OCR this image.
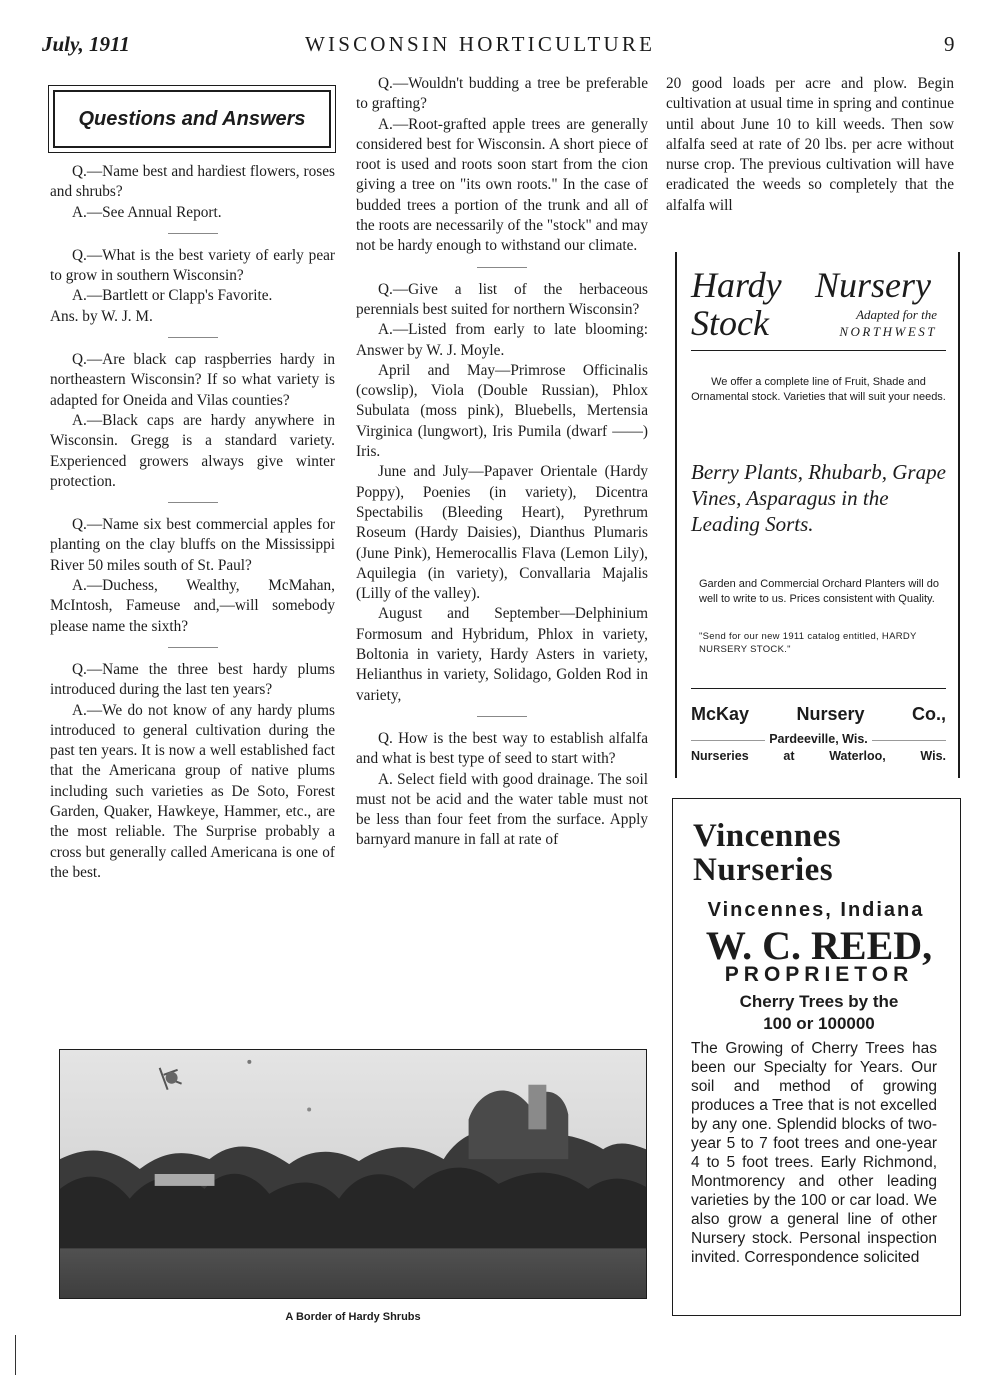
July, 1911	WISCONSIN HORTICULTURE	9
Questions and Answers

Q.—Name best and hardiest flowers, roses and shrubs?

A.—See Annual Report.

Q.—What is the best variety of early pear to grow in southern Wisconsin?

A.—Bartlett or Clapp's Favorite.

Ans. by W. J. M.

Q.—Are black cap raspberries hardy in northeastern Wisconsin? If so what variety is adapted for Oneida and Vilas counties?

A.—Black caps are hardy anywhere in Wisconsin. Gregg is a standard variety. Experienced growers always give winter protection.

Q.—Name six best commercial apples for planting on the clay bluffs on the Mississippi River 50 miles south of St. Paul?

A.—Duchess, Wealthy, McMahan, McIntosh, Fameuse and,—will somebody please name the sixth?

Q.—Name the three best hardy plums introduced during the last ten years?

A.—We do not know of any hardy plums introduced to general cultivation during the past ten years. It is now a well established fact that the Americana group of native plums including such varieties as De Soto, Forest Garden, Quaker, Hawkeye, Hammer, etc., are the most reliable. The Surprise probably a cross but generally called Americana is one of the best.

Q.—Wouldn't budding a tree be preferable to grafting?

A.—Root-grafted apple trees are generally considered best for Wisconsin. A short piece of root is used and roots soon start from the cion giving a tree on "its own roots." In the case of budded trees a portion of the trunk and all of the roots are necessarily of the "stock" and may not be hardy enough to withstand our climate.

Q.—Give a list of the herbaceous perennials best suited for northern Wisconsin?

A.—Listed from early to late blooming: Answer by W. J. Moyle.

April and May—Primrose Officinalis (cowslip), Viola (Double Russian), Phlox Subulata (moss pink), Bluebells, Mertensia Virginica (lungwort), Iris Pumila (dwarf ——) Iris.

June and July—Papaver Orientale (Hardy Poppy), Poenies (in variety), Dicentra Spectabilis (Bleeding Heart), Pyrethrum Roseum (Hardy Daisies), Dianthus Plumaris (June Pink), Hemerocallis Flava (Lemon Lily), Aquilegia (in variety), Convallaria Majalis (Lilly of the valley).

August and September—Delphinium Formosum and Hybridum, Phlox in variety, Boltonia in variety, Hardy Asters in variety, Helianthus in variety, Solidago, Golden Rod in variety,

Q. How is the best way to establish alfalfa and what is best type of seed to start with?

A. Select field with good drainage. The soil must not be acid and the water table must not be less than four feet from the surface. Apply barnyard manure in fall at rate of

20 good loads per acre and plow. Begin cultivation at usual time in spring and continue until about June 10 to kill weeds. Then sow alfalfa seed at rate of 20 lbs. per acre without nurse crop. The previous cultivation will have eradicated the weeds so completely that the alfalfa will

Hardy Nursery
Stock	Adapted for the
NORTHWEST
We offer a complete line of Fruit, Shade and Ornamental stock. Varieties that will suit your needs.
Berry Plants, Rhubarb, Grape Vines, Asparagus in the Leading Sorts.
Garden and Commercial Orchard Planters will do well to write to us. Prices consistent with Quality.
"Send for our new 1911 catalog entitled, HARDY NURSERY STOCK."
McKay	Nursery	Co.,
Pardeeville, Wis.
Nurseries	at	Waterloo,	Wis.
Vincennes
Nurseries
Vincennes, Indiana
W. C. REED,
PROPRIETOR
Cherry Trees by the
100 or 100000
The Growing of Cherry Trees has been our Specialty for Years. Our soil and method of growing produces a Tree that is not excelled by any one. Splendid blocks of two-year 5 to 7 foot trees and one-year 4 to 5 foot trees. Early Richmond, Montmorency and other leading varieties by the 100 or car load. We also grow a general line of other Nursery stock. Personal inspection invited. Correspondence solicited
A Border of Hardy Shrubs
